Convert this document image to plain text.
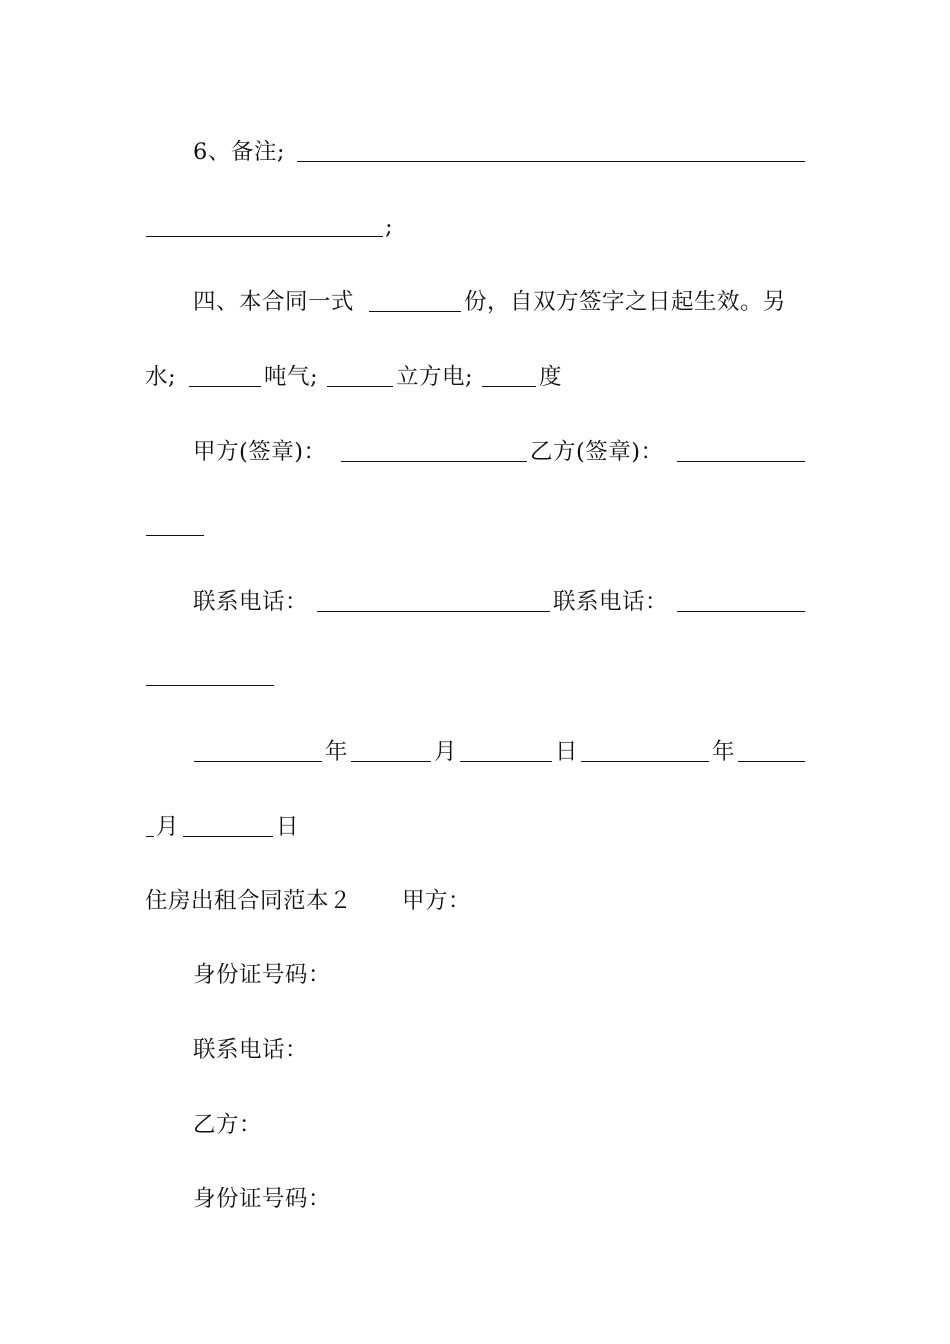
6、备注;
;
四、本合同一式	份，自双方签字之日起生效。另
水;	吨气;	立方电;	度
甲方(签章)：	乙方(签章)：
联系电话：	联系电话：
年	月	日	年
月	日
住房出租合同范本２ 甲方：
身份证号码：
联系电话：
乙方：
身份证号码：
